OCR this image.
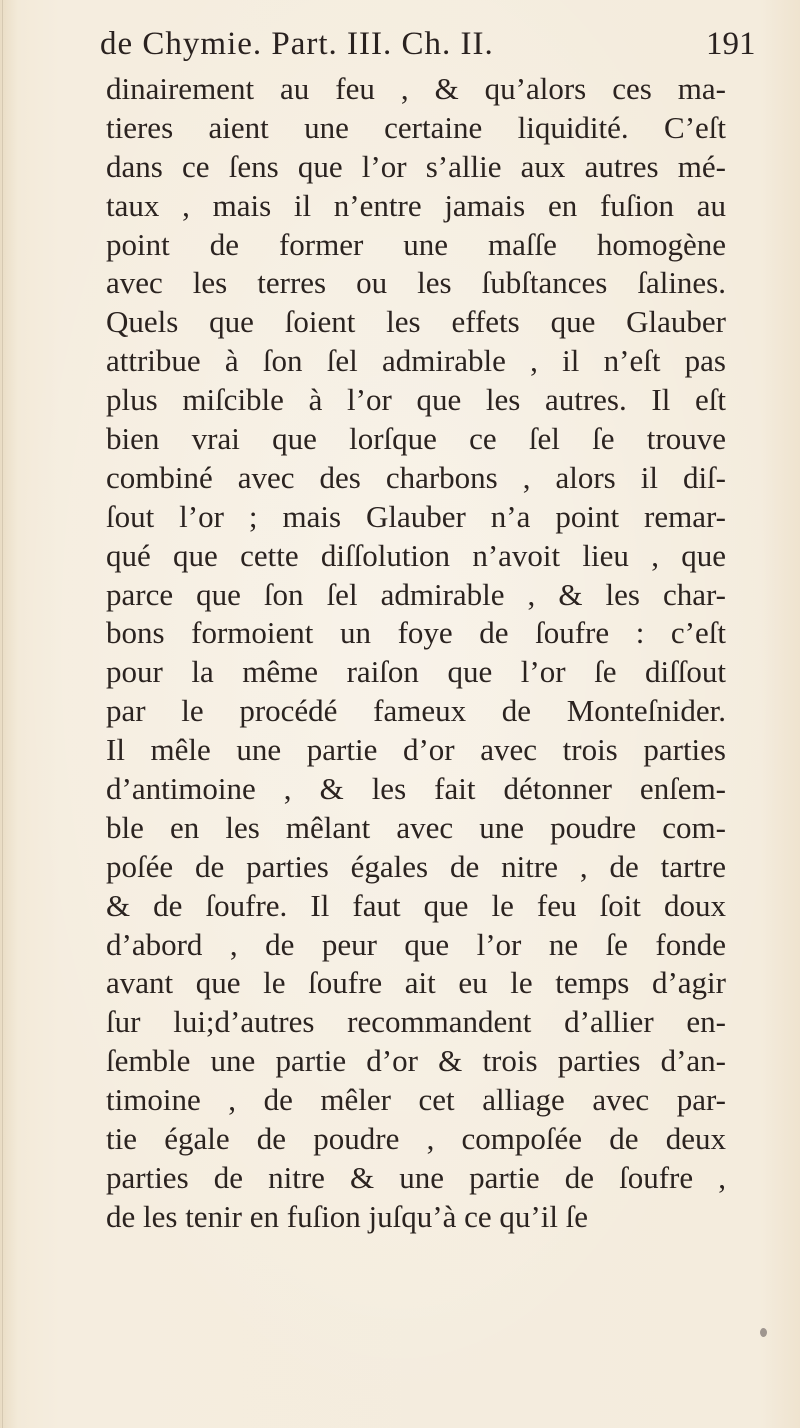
de Chymie. Part. III. Ch. II.	191
dinairement au feu , & qu’alors ces ma-
tieres aient une certaine liquidité. C’eſt
dans ce ſens que l’or s’allie aux autres mé-
taux , mais il n’entre jamais en fuſion au
point de former une maſſe homogène
avec les terres ou les ſubſtances ſalines.
Quels que ſoient les effets que Glauber
attribue à ſon ſel admirable , il n’eſt pas
plus miſcible à l’or que les autres. Il eſt
bien vrai que lorſque ce ſel ſe trouve
combiné avec des charbons , alors il diſ-
ſout l’or ; mais Glauber n’a point remar-
qué que cette diſſolution n’avoit lieu , que
parce que ſon ſel admirable , & les char-
bons formoient un foye de ſoufre : c’eſt
pour la même raiſon que l’or ſe diſſout
par le procédé fameux de Monteſnider.
Il mêle une partie d’or avec trois parties
d’antimoine , & les fait détonner enſem-
ble en les mêlant avec une poudre com-
poſée de parties égales de nitre , de tartre
& de ſoufre. Il faut que le feu ſoit doux
d’abord , de peur que l’or ne ſe fonde
avant que le ſoufre ait eu le temps d’agir
ſur lui;d’autres recommandent d’allier en-
ſemble une partie d’or & trois parties d’an-
timoine , de mêler cet alliage avec par-
tie égale de poudre , compoſée de deux
parties de nitre & une partie de ſoufre ,
de les tenir en fuſion juſqu’à ce qu’il ſe
